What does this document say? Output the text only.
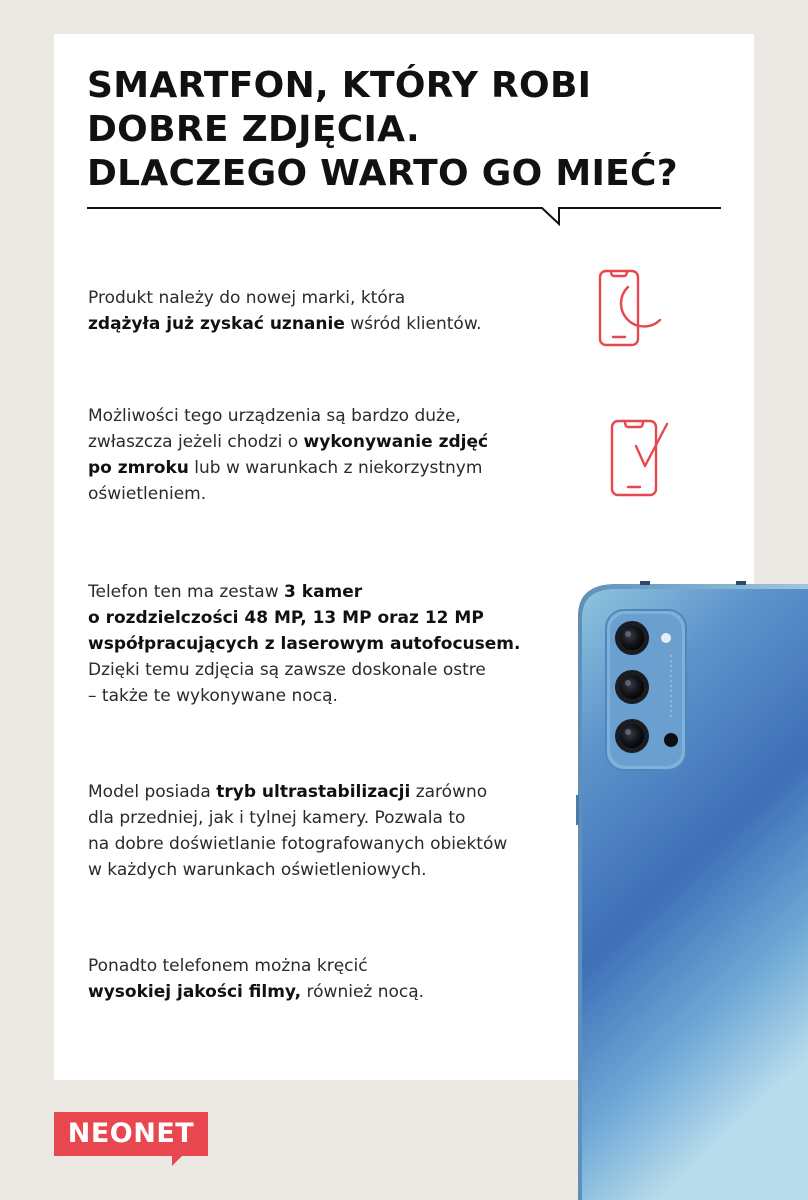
SMARTFON, KTÓRY ROBI
DOBRE ZDJĘCIA.
DLACZEGO WARTO GO MIEĆ?
Produkt należy do nowej marki, która
zdążyła już zyskać uznanie wśród klientów.
Możliwości tego urządzenia są bardzo duże,
zwłaszcza jeżeli chodzi o wykonywanie zdjęć
po zmroku lub w warunkach z niekorzystnym
oświetleniem.
Telefon ten ma zestaw 3 kamer
o rozdzielczości 48 MP, 13 MP oraz 12 MP
współpracujących z laserowym autofocusem.
Dzięki temu zdjęcia są zawsze doskonale ostre
– także te wykonywane nocą.
Model posiada tryb ultrastabilizacji zarówno
dla przedniej, jak i tylnej kamery. Pozwala to
na dobre doświetlanie fotografowanych obiektów
w każdych warunkach oświetleniowych.
Ponadto telefonem można kręcić
wysokiej jakości filmy, również nocą.
NEONET
